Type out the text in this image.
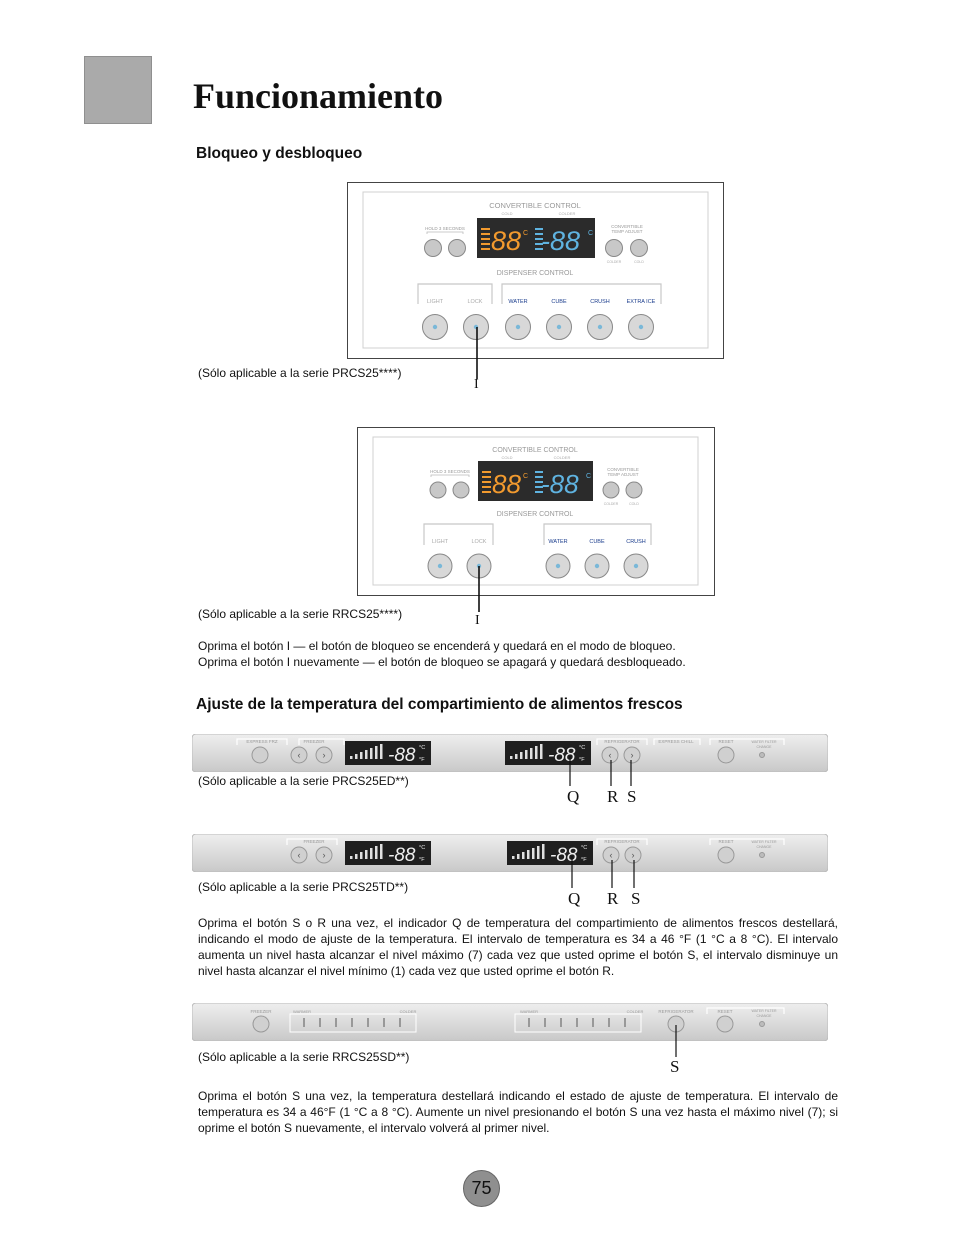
Funcionamiento
Bloqueo y desbloqueo
CONVERTIBLE CONTROL
COLD	COLDER
88 C -88 C
HOLD 3 SECONDS	CONVERTIBLE
TEMP ADJUST
COLDER	COLD
DISPENSER CONTROL
LIGHT	LOCK	WATER	CUBE	CRUSH	EXTRA ICE
(Sólo aplicable a la serie PRCS25****)
I
CONVERTIBLE CONTROL
COLD	COLDER
88 C -88 C
HOLD 3 SECONDS	CONVERTIBLE
TEMP ADJUST
COLDER	COLD
DISPENSER CONTROL
LIGHT	LOCK	WATER	CUBE	CRUSH
(Sólo aplicable a la serie RRCS25****)	I

Oprima el botón I — el botón de bloqueo se encenderá y quedará en el modo de bloqueo.

Oprima el botón I nuevamente — el botón de bloqueo se apagará y quedará desbloqueado.

Ajuste de la temperatura del compartimiento de alimentos frescos
EXPRESS FRZ	FREEZER
‹ ›	-88 °C
°F	-88 °C
°F
REFRIGERATOR
‹ ›
EXPRESS CHILL	RESET	WATER FILTER
CHANGE
(Sólo aplicable a la serie PRCS25ED**)
Q R S
FREEZER
‹ ›	-88 °C
°F	-88 °C
°F
REFRIGERATOR
‹ ›
RESET	WATER FILTER
CHANGE
(Sólo aplicable a la serie PRCS25TD**)
Q R S
Oprima el botón S o R una vez, el indicador Q de temperatura del compartimiento de alimentos frescos destellará, indicando el modo de ajuste de la temperatura. El intervalo de temperatura es 34 a 46 °F (1 °C a 8 °C). El intervalo aumenta un nivel hasta alcanzar el nivel máximo (7) cada vez que usted oprime el botón S, el intervalo disminuye un nivel hasta alcanzar el nivel mínimo (1) cada vez que usted oprime el botón R.
FREEZER	WARMER	COLDER	WARMER	COLDER	REFRIGERATOR	RESET	WATER FILTER
CHANGE
(Sólo aplicable a la serie RRCS25SD**)	S
Oprima el botón S una vez, la temperatura destellará indicando el estado de ajuste de temperatura. El intervalo de temperatura es 34 a 46°F (1 °C a 8 °C). Aumente un nivel presionando el botón S una vez hasta el máximo nivel (7); si oprime el botón S nuevamente, el intervalo volverá al primer nivel.
75
